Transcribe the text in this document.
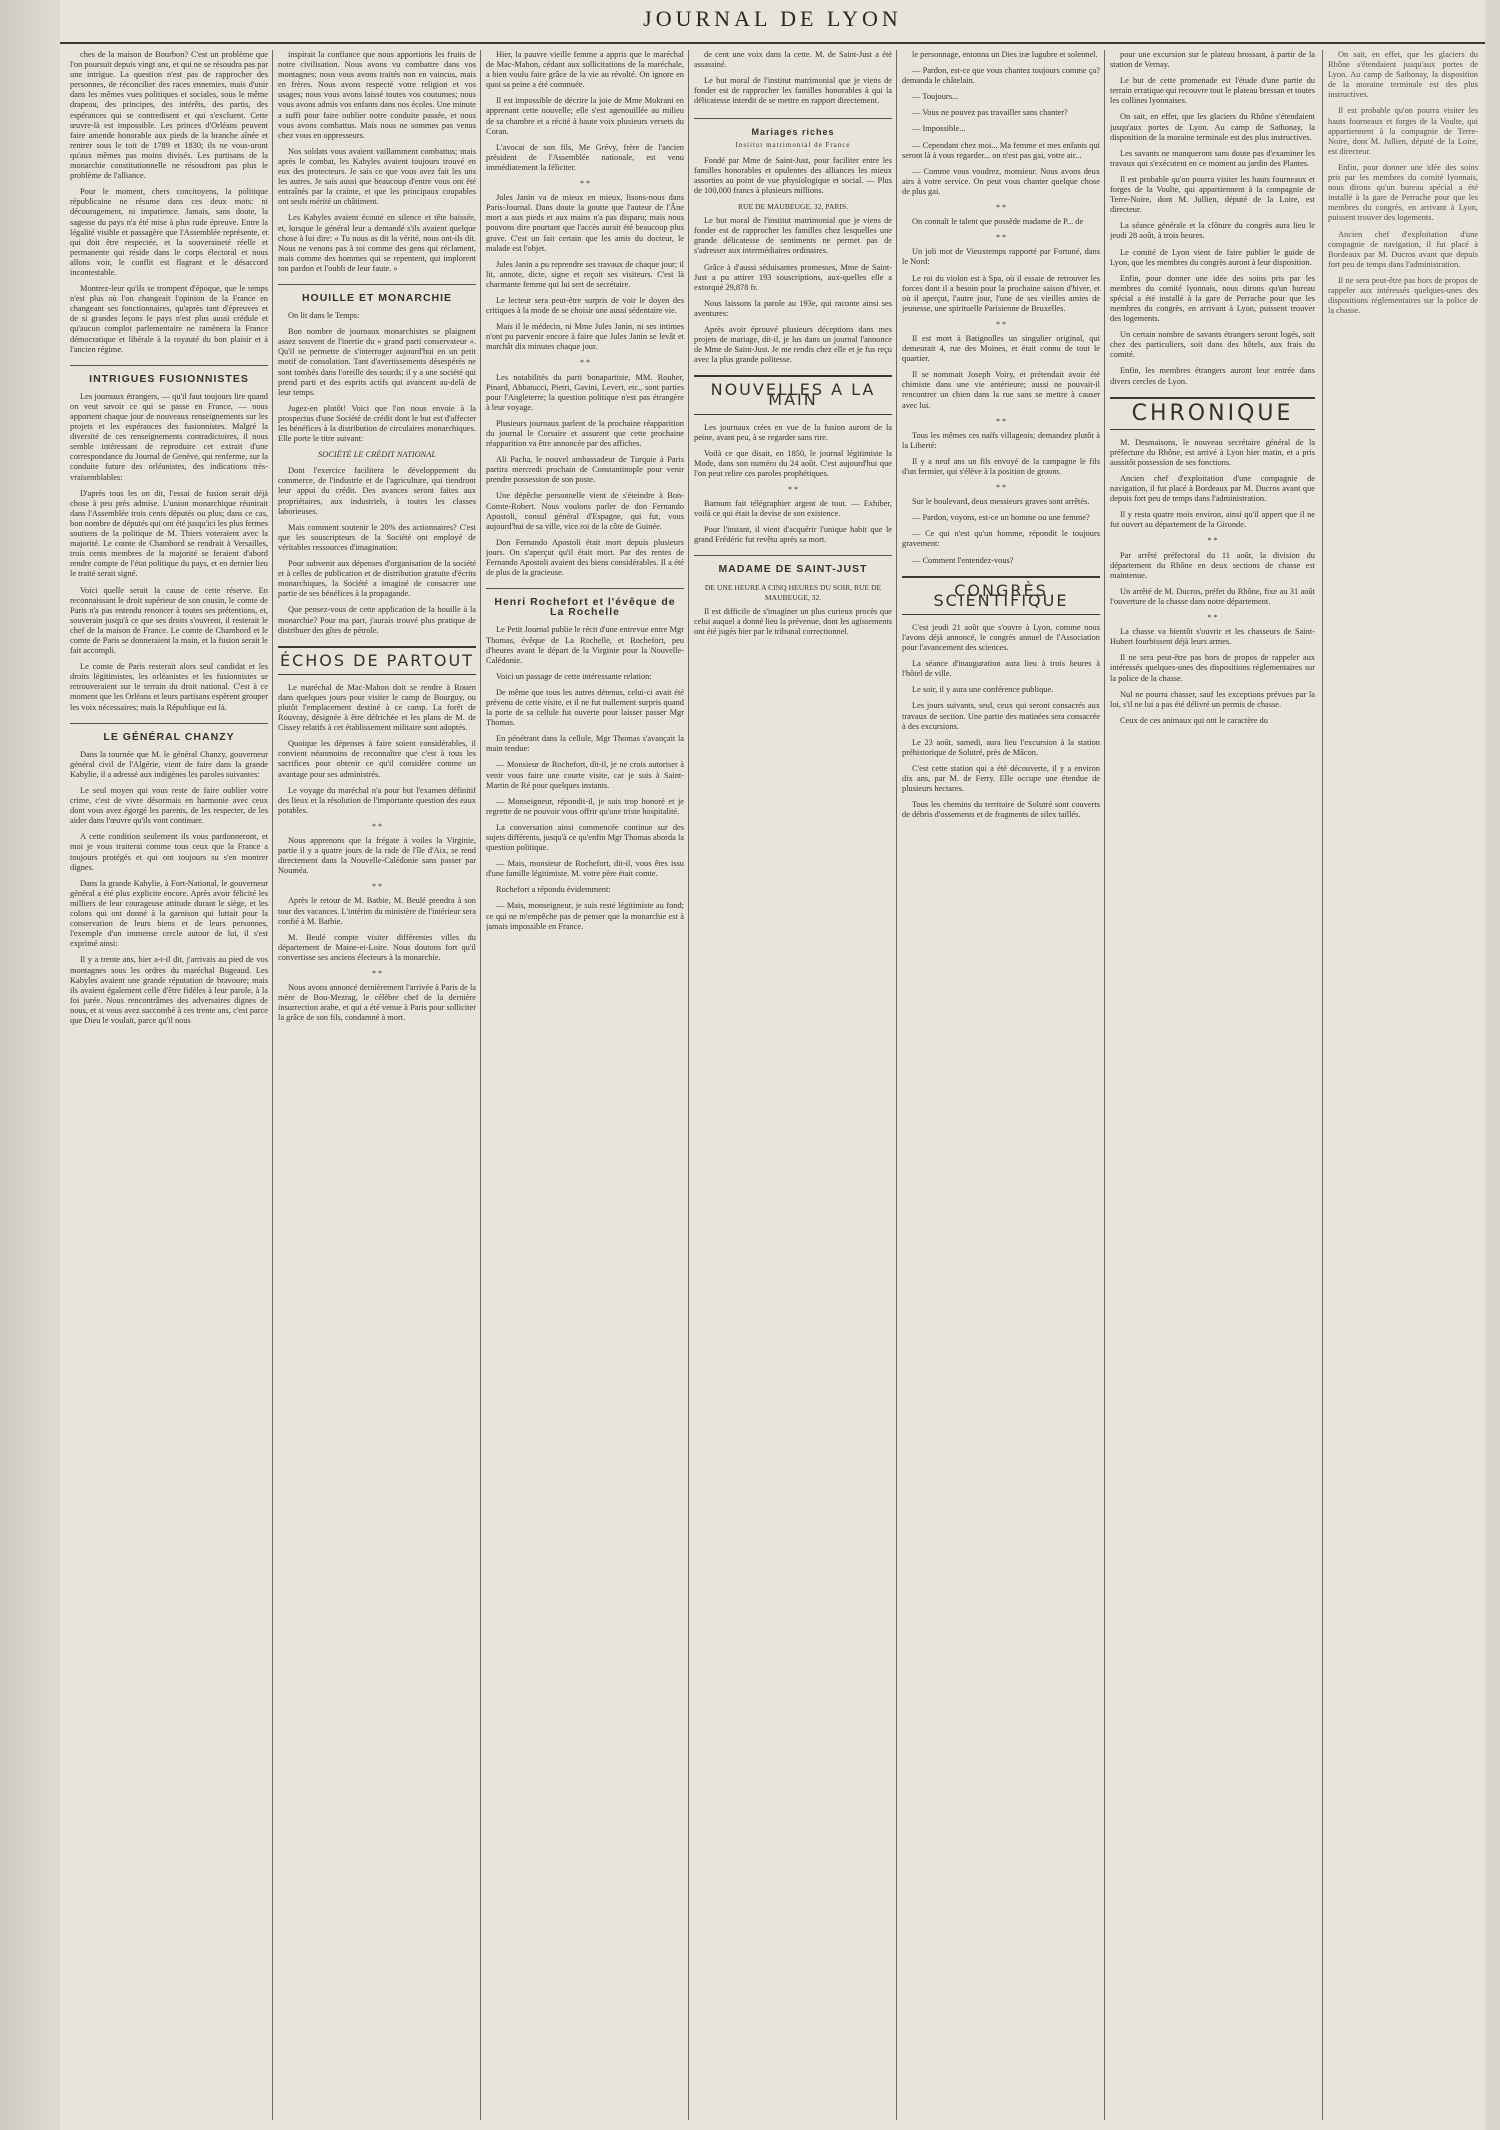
JOURNAL DE LYON

ches de la maison de Bourbon? C'est un problème que l'on poursuit depuis vingt ans, et qui ne se résoudra pas par une intrigue. La question n'est pas de rapprocher des personnes, de réconcilier des races ennemies, mais d'unir dans les mêmes vues politiques et sociales, sous le même drapeau, des principes, des intérêts, des partis, des espérances qui se contredisent et qui s'excluent. Cette œuvre-là est impossible. Les princes d'Orléans peuvent faire amende honorable aux pieds de la branche aînée et rentrer sous le toit de 1789 et 1830; ils ne vous-uront qu'aux mêmes pas moins divisés. Les partisans de la monarchie constitutionnelle ne résoudront pas plus le problème de l'alliance.

Pour le moment, chers concitoyens, la politique républicaine ne résume dans ces deux mots: ni découragement, ni impatience. Jamais, sans doute, la sagesse du pays n'a été mise à plus rude épreuve. Entre la légalité visible et passagère que l'Assemblée représente, et qui doit être respectée, et la souveraineté réelle et permanente qui réside dans le corps électoral et nous allons voir, le conflit est flagrant et le désaccord incontestable.

Montrez-leur qu'ils se trompent d'époque, que le temps n'est plus où l'on changeait l'opinion de la France en changeant ses fonctionnaires, qu'après tant d'épreuves et de si grandes leçons le pays n'est plus aussi crédule et qu'aucun complot parlementaire ne ramènera la France démocratique et libérale à la royauté du bon plaisir et à l'ancien régime.

INTRIGUES FUSIONNISTES

Les journaux étrangers, — qu'il faut toujours lire quand on veut savoir ce qui se passe en France, — nous apportent chaque jour de nouveaux renseignements sur les projets et les espérances des fusionnistes. Malgré la diversité de ces renseignements contradictoires, il nous semble intéressant de reproduire cet extrait d'une correspondance du Journal de Genève, qui renferme, sur la conduite future des orléanistes, des indications très-vraisemblables:

D'après tous les on dit, l'essai de fusion serait déjà chose à peu près admise. L'union monarchique réunirait dans l'Assemblée trois cents députés ou plus; dans ce cas, bon nombre de députés qui ont été jusqu'ici les plus fermes soutiens de la politique de M. Thiers voteraient avec la majorité. Le comte de Chambord se rendrait à Versailles, trois cents membres de la majorité se feraient d'abord rendre compte de l'état politique du pays, et en dernier lieu le traité serait signé.

Voici quelle serait la cause de cette réserve. En reconnaissant le droit supérieur de son cousin, le comte de Paris n'a pas entendu renoncer à toutes ses prétentions, et, souverain jusqu'à ce que ses droits s'ouvrent, il resterait le chef de la maison de France. Le comte de Chambord et le comte de Paris se donneraient la main, et la fusion serait le fait accompli.

Le comte de Paris resterait alors seul candidat et les droits légitimistes, les orléanistes et les fusionnistes se retrouveraient sur le terrain du droit national. C'est à ce moment que les Orléans et leurs partisans espèrent grouper les voix nécessaires; mais la République est là.

LE GÉNÉRAL CHANZY

Dans la tournée que M. le général Chanzy, gouverneur général civil de l'Algérie, vient de faire dans la grande Kabylie, il a adressé aux indigènes les paroles suivantes:

Le seul moyen qui vous reste de faire oublier votre crime, c'est de vivre désormais en harmonie avec ceux dont vous avez égorgé les parents, de les respecter, de les aider dans l'œuvre qu'ils vont continuer.

A cette condition seulement ils vous pardonneront, et moi je vous traiterai comme tous ceux que la France a toujours protégés et qui ont toujours su s'en montrer dignes.

Dans la grande Kabylie, à Fort-National, le gouverneur général a été plus explicite encore. Après avoir félicité les milliers de leur courageuse attitude durant le siège, et les colons qui ont donné à la garnison qui luttait pour la conservation de leurs biens et de leurs personnes, l'exemple d'un immense cercle autour de lui, il s'est exprimé ainsi:

Il y a trente ans, hier a-t-il dit, j'arrivais au pied de vos montagnes sous les ordres du maréchal Bugeaud. Les Kabyles avaient une grande réputation de bravoure; mais ils avaient également celle d'être fidèles à leur parole, à la foi jurée. Nous rencontrâmes des adversaires dignes de nous, et si vous avez succombé à ces trente ans, c'est parce que Dieu le voulait, parce qu'il nous

inspirait la confiance que nous apportions les fruits de notre civilisation. Nous avons vu combattre dans vos montagnes; nous vous avons traités non en vaincus, mais en frères. Nous avons respecté votre religion et vos usages; nous vous avons laissé toutes vos coutumes; nous vous avons admis vos enfants dans nos écoles. Une minute a suffi pour faire oublier notre conduite passée, et nous vous avons combattus. Mais nous ne sommes pas venus chez vous en oppresseurs.

Nos soldats vous avaient vaillamment combattus; mais après le combat, les Kabyles avaient toujours trouvé en eux des protecteurs. Je sais ce que vous avez fait les uns les autres. Je sais aussi que beaucoup d'entre vous ont été entraînés par la crainte, et que les principaux coupables ont seuls mérité un châtiment.

Les Kabyles avaient écouté en silence et tête baissée, et, lorsque le général leur a demandé s'ils avaient quelque chose à lui dire: « Tu nous as dit la vérité, nous ont-ils dit. Nous ne venons pas à toi comme des gens qui réclament, mais comme des hommes qui se repentent, qui implorent ton pardon et l'oubli de leur faute. »

HOUILLE ET MONARCHIE

On lit dans le Temps:

Bon nombre de journaux monarchistes se plaignent assez souvent de l'inertie du « grand parti conservateur ». Qu'il ne permette de s'interroger aujourd'hui en un petit motif de consolation. Tant d'avertissements désespérés ne sont tombés dans l'oreille des sourds; il y a une société qui prend parti et des esprits actifs qui avancent au-delà de leur temps.

Jugez-en plutôt! Voici que l'on nous envoie à la prospectus d'une Société de crédit dont le but est d'affecter les bénéfices à la distribution de circulaires monarchiques. Elle porte le titre suivant:

SOCIÉTÉ LE CRÉDIT NATIONAL

Dont l'exercice facilitera le développement du commerce, de l'industrie et de l'agriculture, qui tiendront leur appui du crédit. Des avances seront faites aux propriétaires, aux industriels, à toutes les classes laborieuses.

Mais comment soutenir le 20% des actionnaires? C'est que les souscripteurs de la Société ont employé de véritables ressources d'imagination:

Pour subvenir aux dépenses d'organisation de la société et à celles de publication et de distribution gratuite d'écrits monarchiques, la Société a imaginé de consacrer une partie de ses bénéfices à la propagande.

Que pensez-vous de cette application de la houille à la monarchie? Pour ma part, j'aurais trouvé plus pratique de distribuer des gîtes de pétrole.

ÉCHOS DE PARTOUT

Le maréchal de Mac-Mahon doit se rendre à Rouen dans quelques jours pour visiter le camp de Bourguy, ou plutôt l'emplacement destiné à ce camp. La forêt de Rouvray, désignée à être défrichée et les plans de M. de Cissey relatifs à cet établissement militaire sont adoptés.

Quoique les dépenses à faire soient considérables, il convient néanmoins de reconnaître que c'est à tous les sacrifices pour obtenir ce qu'il considère comme un avantage pour ses administrés.

Le voyage du maréchal n'a pour but l'examen définitif des lieux et la résolution de l'importante question des eaux potables.

* *

Nous apprenons que la frégate à voiles la Virginie, partie il y a quatre jours de la rade de l'île d'Aix, se rend directement dans la Nouvelle-Calédonie sans passer par Nouméa.

* *

Après le retour de M. Batbie, M. Beulé prendra à son tour des vacances. L'intérim du ministère de l'intérieur sera confié à M. Batbie.

M. Beulé compte visiter différentes villes du département de Maine-et-Loire. Nous doutons fort qu'il convertisse ses anciens électeurs à la monarchie.

* *

Nous avons annoncé dernièrement l'arrivée à Paris de la mère de Bou-Mezrag, le célèbre chef de la dernière insurrection arabe, et qui a été venue à Paris pour solliciter la grâce de son fils, condamné à mort.

Hier, la pauvre vieille femme a appris que le maréchal de Mac-Mahon, cédant aux sollicitations de la maréchale, a bien voulu faire grâce de la vie au révolté. On ignore en quoi sa peine a été commuée.

Il est impossible de décrire la joie de Mme Mokrani en apprenant cette nouvelle; elle s'est agenouillée au milieu de sa chambre et a récité à haute voix plusieurs versets du Coran.

L'avocat de son fils, Me Grévy, frère de l'ancien président de l'Assemblée nationale, est venu immédiatement la féliciter.

* *

Jules Janin va de mieux en mieux, lisons-nous dans Paris-Journal. Dans doute la goutte que l'auteur de l'Âne mort a aux pieds et aux mains n'a pas disparu; mais nous pouvons dire pourtant que l'accès aurait été beaucoup plus grave. C'est un fait certain que les amis du docteur, le malade est l'objet.

Jules Janin a pu reprendre ses travaux de chaque jour; il lit, annote, dicte, signe et reçoit ses visiteurs. C'est là charmante femme qui lui sert de secrétaire.

Le lecteur sera peut-être surpris de voir le doyen des critiques à la mode de se choisir une aussi sédentaire vie.

Mais il le médecin, ni Mme Jules Janin, ni ses intimes n'ont pu parvenir encore à faire que Jules Janin se levât et marchât dix minutes chaque jour.

* *

Les notabilités du parti bonapartiste, MM. Rouher, Pinard, Abbatucci, Pietri, Gavini, Levert, etc., sont parties pour l'Angleterre; la question politique n'est pas étrangère à leur voyage.

Plusieurs journaux parlent de la prochaine réapparition du journal le Corsaire et assurent que cette prochaine réapparition va être annoncée par des affiches.

Ali Pacha, le nouvel ambassadeur de Turquie à Paris partira mercredi prochain de Constantinople pour venir prendre possession de son poste.

Une dépêche personnelle vient de s'éteindre à Bon-Comte-Robert. Nous voulons parler de don Fernando Apostoli, consul général d'Espagne, qui fut, vous aujourd'hui de sa ville, vice roi de la côte de Guinée.

Don Fernando Apostoli était mort depuis plusieurs jours. On s'aperçut qu'il était mort. Par des rentes de Fernando Apostoli avaient des biens considérables. Il a été de plus de la gracieuse.

Henri Rochefort et l'évêque de La Rochelle

Le Petit Journal publie le récit d'une entrevue entre Mgr Thomas, évêque de La Rochelle, et Rochefort, peu d'heures avant le départ de la Virginie pour la Nouvelle-Calédonie.

Voici un passage de cette intéressante relation:

De même que tous les autres détenus, celui-ci avait été prévenu de cette visite, et il ne fut nullement surpris quand la porte de sa cellule fut ouverte pour laisser passer Mgr Thomas.

En pénétrant dans la cellule, Mgr Thomas s'avançait la main tendue:

— Monsieur de Rochefort, dit-il, je ne crois autoriser à venir vous faire une courte visite, car je suis à Saint-Martin de Ré pour quelques instants.

— Monseigneur, répondit-il, je suis trop honoré et je regrette de ne pouvoir vous offrir qu'une triste hospitalité.

La conversation ainsi commencée continue sur des sujets différents, jusqu'à ce qu'enfin Mgr Thomas aborda la question politique.

— Mais, monsieur de Rochefort, dit-il, vous êtes issu d'une famille légitimiste. M. votre père était comte.

Rochefort a répondu évidemment:

— Mais, monseigneur, je suis resté légitimiste au fond; ce qui ne m'empêche pas de penser que la monarchie est à jamais impossible en France.

de cent une voix dans la cette. M. de Saint-Just a été assassiné.

Le but moral de l'institut matrimonial que je viens de fonder est de rapprocher les familles honorables à qui la délicatesse interdit de se mettre en rapport directement.

Mariages riches
Institut matrimonial de France

Fondé par Mme de Saint-Just, pour faciliter entre les familles honorables et opulentes des alliances les mieux assorties au point de vue physiologique et social. — Plus de 100,000 francs à plusieurs millions.

RUE DE MAUBEUGE, 32, PARIS.

Le but moral de l'institut matrimonial que je viens de fonder est de rapprocher les familles chez lesquelles une grande délicatesse de sentiments ne permet pas de s'adresser aux intermédiaires ordinaires.

Grâce à d'aussi séduisantes promesses, Mme de Saint-Just a pu attirer 193 souscriptions, aux-quelles elle a extorqué 29,878 fr.

Nous laissons la parole au 193e, qui raconte ainsi ses aventures:

Après avoir éprouvé plusieurs déceptions dans mes projets de mariage, dit-il, je lus dans un journal l'annonce de Mme de Saint-Just. Je me rendis chez elle et je fus reçu avec la plus grande politesse.

NOUVELLES A LA MAIN

Les journaux crées en vue de la fusion auront de la peine, avant peu, à se regarder sans rire.

Voilà ce que disait, en 1850, le journal légitimiste la Mode, dans son numéro du 24 août. C'est aujourd'hui que l'on peut relire ces paroles prophétiques.

* *

Barnum fait télégraphier argent de tout. — Exhiber, voilà ce qui était la devise de son existence.

Pour l'instant, il vient d'acquérir l'unique habit que le grand Frédéric fut revêtu après sa mort.

MADAME DE SAINT-JUST
DE UNE HEURE A CINQ HEURES DU SOIR, RUE DE MAUBEUGE, 32.

Il est difficile de s'imaginer un plus curieux procès que celui auquel a donné lieu la prévenue, dont les agissements ont été jugés hier par le tribunal correctionnel.

le personnage, entonna un Dies iræ lugubre et solennel.

— Pardon, est-ce que vous chantez toujours comme ça? demanda le châtelain.

— Toujours...

— Vous ne pouvez pas travailler sans chanter?

— Impossible...

— Cependant chez moi... Ma femme et mes enfants qui seront là à vous regarder... on n'est pas gai, votre air...

— Comme vous voudrez, monsieur. Nous avons deux airs à votre service. On peut vous chanter quelque chose de plus gai.

* *

On connaît le talent que possède madame de P... de

* *

Un joli mot de Vieuxtemps rapporté par Fortuné, dans le Nord:

Le roi du violon est à Spa, où il essaie de retrouver les forces dont il a besoin pour la prochaine saison d'hiver, et où il aperçut, l'autre jour, l'une de ses vieilles amies de jeunesse, une spirituelle Parisienne de Bruxelles.

* *

Il est mort à Batignolles un singulier original, qui demeurait 4, rue des Moines, et était connu de tout le quartier.

Il se nommait Joseph Voiry, et prétendait avoir été chimiste dans une vie antérieure; aussi ne pouvait-il rencontrer un chien dans la rue sans se mettre à causer avec lui.

* *

Tous les mêmes ces naïfs villageois; demandez plutôt à la Liberté:

Il y a neuf ans un fils envoyé de la campagne le fils d'un fermier, qui s'élève à la position de groom.

* *

Sur le boulevard, deux messieurs graves sont arrêtés.

— Pardon, voyons, est-ce un homme ou une femme?

— Ce qui n'est qu'un homme, répondit le toujours gravement:

— Comment l'entendez-vous?

CONGRÈS SCIENTIFIQUE

C'est jeudi 21 août que s'ouvre à Lyon, comme nous l'avons déjà annoncé, le congrès annuel de l'Association pour l'avancement des sciences.

La séance d'inauguration aura lieu à trois heures à l'hôtel de ville.

Le soir, il y aura une conférence publique.

Les jours suivants, seul, ceux qui seront consacrés aux travaux de section. Une partie des matinées sera consacrée à des excursions.

Le 23 août, samedi, aura lieu l'excursion à la station préhistorique de Solutré, près de Mâcon.

C'est cette station qui a été découverte, il y a environ dix ans, par M. de Ferry. Elle occupe une étendue de plusieurs hectares.

Tous les chemins du territoire de Solutré sont couverts de débris d'ossements et de fragments de silex taillés.

pour une excursion sur le plateau brossant, à partir de la station de Vernay.

Le but de cette promenade est l'étude d'une partie du terrain erratique qui recouvre tout le plateau bressan et toutes les collines lyonnaises.

On sait, en effet, que les glaciers du Rhône s'étendaient jusqu'aux portes de Lyon. Au camp de Sathonay, la disposition de la moraine terminale est des plus instructives.

Les savants ne manqueront sans doute pas d'examiner les travaux qui s'exécutent en ce moment au jardin des Plantes.

Il est probable qu'on pourra visiter les hauts fourneaux et forges de la Voulte, qui appartiennent à la compagnie de Terre-Noire, dont M. Jullien, député de la Loire, est directeur.

La séance générale et la clôture du congrès aura lieu le jeudi 28 août, à trois heures.

Le comité de Lyon vient de faire publier le guide de Lyon, que les membres du congrès auront à leur disposition.

Enfin, pour donner une idée des soins pris par les membres du comité lyonnais, nous dirons qu'un bureau spécial a été installé à la gare de Perrache pour que les membres du congrès, en arrivant à Lyon, puissent trouver des logements.

Un certain nombre de savants étrangers seront logés, soit chez des particuliers, soit dans des hôtels, aux frais du comité.

Enfin, les membres étrangers auront leur entrée dans divers cercles de Lyon.

CHRONIQUE

M. Desmaisons, le nouveau secrétaire général de la préfecture du Rhône, est arrivé à Lyon hier matin, et a pris aussitôt possession de ses fonctions.

Ancien chef d'exploitation d'une compagnie de navigation, il fut placé à Bordeaux par M. Ducros avant que depuis fort peu de temps dans l'administration.

Il y resta quatre mois environ, ainsi qu'il appert que il ne fut ouvert au département de la Gironde.

* *

Par arrêté préfectoral du 11 août, la division du département du Rhône en deux sections de chasse est maintenue.

Un arrêté de M. Ducros, préfet du Rhône, fixe au 31 août l'ouverture de la chasse dans notre département.

* *

La chasse va bientôt s'ouvrir et les chasseurs de Saint-Hubert fourbissent déjà leurs armes.

Il ne sera peut-être pas hors de propos de rappeler aux intéressés quelques-unes des dispositions réglementaires sur la police de la chasse.

Nul ne pourra chasser, sauf les exceptions prévues par la loi, s'il ne lui a pas été délivré un permis de chasse.

Ceux de ces animaux qui ont le caractère du

On sait, en effet, que les glaciers du Rhône s'étendaient jusqu'aux portes de Lyon. Au camp de Sathonay, la disposition de la moraine terminale est des plus instructives.

Il est probable qu'on pourra visiter les hauts fourneaux et forges de la Voulte, qui appartiennent à la compagnie de Terre-Noire, dont M. Jullien, député de la Loire, est directeur.

Enfin, pour donner une idée des soins pris par les membres du comité lyonnais, nous dirons qu'un bureau spécial a été installé à la gare de Perrache pour que les membres du congrès, en arrivant à Lyon, puissent trouver des logements.

Ancien chef d'exploitation d'une compagnie de navigation, il fut placé à Bordeaux par M. Ducros avant que depuis fort peu de temps dans l'administration.

Il ne sera peut-être pas hors de propos de rappeler aux intéressés quelques-unes des dispositions réglementaires sur la police de la chasse.
